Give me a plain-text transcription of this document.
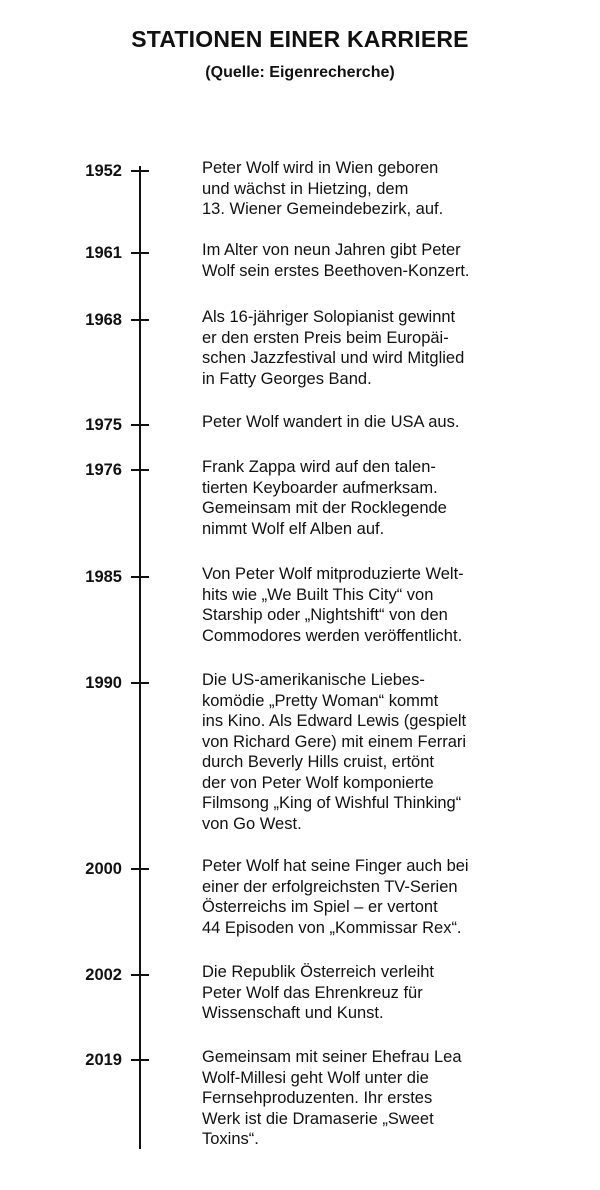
STATIONEN EINER KARRIERE

(Quelle: Eigenrecherche)

1952	Peter Wolf wird in Wien geboren
und wächst in Hietzing, dem
13. Wiener Gemeindebezirk, auf.
1961	Im Alter von neun Jahren gibt Peter
Wolf sein erstes Beethoven-Konzert.
1968	Als 16-jähriger Solopianist gewinnt
er den ersten Preis beim Europäi-
schen Jazzfestival und wird Mitglied
in Fatty Georges Band.
1975	Peter Wolf wandert in die USA aus.
1976	Frank Zappa wird auf den talen-
tierten Keyboarder aufmerksam.
Gemeinsam mit der Rocklegende
nimmt Wolf elf Alben auf.
1985	Von Peter Wolf mitproduzierte Welt-
hits wie „We Built This City“ von
Starship oder „Nightshift“ von den
Commodores werden veröffentlicht.
1990	Die US-amerikanische Liebes-
komödie „Pretty Woman“ kommt
ins Kino. Als Edward Lewis (gespielt
von Richard Gere) mit einem Ferrari
durch Beverly Hills cruist, ertönt
der von Peter Wolf komponierte
Filmsong „King of Wishful Thinking“
von Go West.
2000	Peter Wolf hat seine Finger auch bei
einer der erfolgreichsten TV-Serien
Österreichs im Spiel – er vertont
44 Episoden von „Kommissar Rex“.
2002	Die Republik Österreich verleiht
Peter Wolf das Ehrenkreuz für
Wissenschaft und Kunst.
2019	Gemeinsam mit seiner Ehefrau Lea
Wolf-Millesi geht Wolf unter die
Fernsehproduzenten. Ihr erstes
Werk ist die Dramaserie „Sweet
Toxins“.
